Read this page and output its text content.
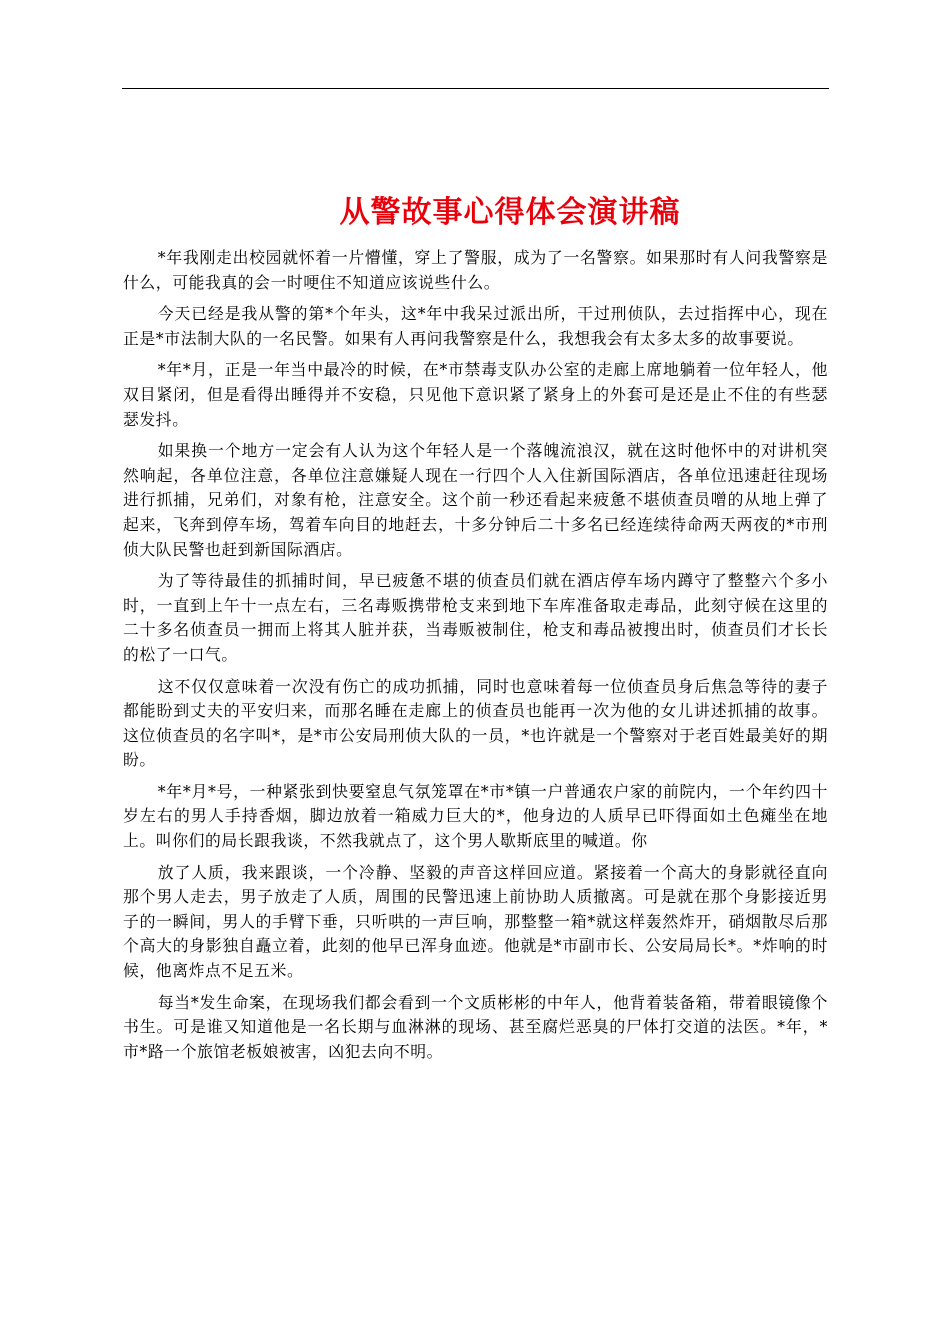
从警故事心得体会演讲稿

*年我刚走出校园就怀着一片懵懂，穿上了警服，成为了一名警察。如果那时有人问我警察是什么，可能我真的会一时哽住不知道应该说些什么。

今天已经是我从警的第*个年头，这*年中我呆过派出所，干过刑侦队，去过指挥中心，现在正是*市法制大队的一名民警。如果有人再问我警察是什么，我想我会有太多太多的故事要说。

*年*月，正是一年当中最冷的时候，在*市禁毒支队办公室的走廊上席地躺着一位年轻人，他双目紧闭，但是看得出睡得并不安稳，只见他下意识紧了紧身上的外套可是还是止不住的有些瑟瑟发抖。

如果换一个地方一定会有人认为这个年轻人是一个落魄流浪汉，就在这时他怀中的对讲机突然响起，各单位注意，各单位注意嫌疑人现在一行四个人入住新国际酒店，各单位迅速赶往现场进行抓捕，兄弟们，对象有枪，注意安全。这个前一秒还看起来疲惫不堪侦查员噌的从地上弹了起来，飞奔到停车场，驾着车向目的地赶去，十多分钟后二十多名已经连续待命两天两夜的*市刑侦大队民警也赶到新国际酒店。

为了等待最佳的抓捕时间，早已疲惫不堪的侦查员们就在酒店停车场内蹲守了整整六个多小时，一直到上午十一点左右，三名毒贩携带枪支来到地下车库准备取走毒品，此刻守候在这里的二十多名侦查员一拥而上将其人脏并获，当毒贩被制住，枪支和毒品被搜出时，侦查员们才长长的松了一口气。

这不仅仅意味着一次没有伤亡的成功抓捕，同时也意味着每一位侦查员身后焦急等待的妻子都能盼到丈夫的平安归来，而那名睡在走廊上的侦查员也能再一次为他的女儿讲述抓捕的故事。这位侦查员的名字叫*，是*市公安局刑侦大队的一员，*也许就是一个警察对于老百姓最美好的期盼。

*年*月*号，一种紧张到快要窒息气氛笼罩在*市*镇一户普通农户家的前院内，一个年约四十岁左右的男人手持香烟，脚边放着一箱威力巨大的*，他身边的人质早已吓得面如土色瘫坐在地上。叫你们的局长跟我谈，不然我就点了，这个男人歇斯底里的喊道。你

放了人质，我来跟谈，一个冷静、坚毅的声音这样回应道。紧接着一个高大的身影就径直向那个男人走去，男子放走了人质，周围的民警迅速上前协助人质撤离。可是就在那个身影接近男子的一瞬间，男人的手臂下垂，只听哄的一声巨响，那整整一箱*就这样轰然炸开，硝烟散尽后那个高大的身影独自矗立着，此刻的他早已浑身血迹。他就是*市副市长、公安局局长*。*炸响的时候，他离炸点不足五米。

每当*发生命案，在现场我们都会看到一个文质彬彬的中年人，他背着装备箱，带着眼镜像个书生。可是谁又知道他是一名长期与血淋淋的现场、甚至腐烂恶臭的尸体打交道的法医。*年，*市*路一个旅馆老板娘被害，凶犯去向不明。
